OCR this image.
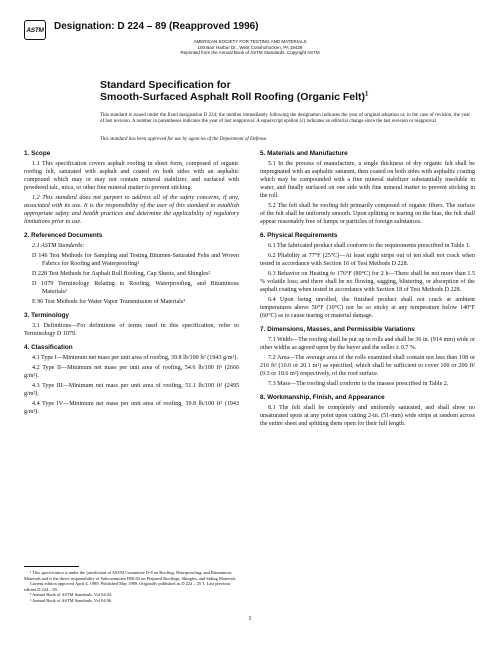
ASTM Designation: D 224 – 89 (Reapproved 1996)
AMERICAN SOCIETY FOR TESTING AND MATERIALS
100 Barr Harbor Dr., West Conshohocken, PA 19428
Reprinted from the Annual Book of ASTM Standards. Copyright ASTM
Standard Specification for
Smooth-Surfaced Asphalt Roll Roofing (Organic Felt)$^1$
This standard is issued under the fixed designation D 224; the number immediately following the designation indicates the year of original adoption or, in the case of revision, the year of last revision. A number in parentheses indicates the year of last reapproval. A superscript epsilon (ε) indicates an editorial change since the last revision or reapproval.
This standard has been approved for use by agencies of the Department of Defense.
1. Scope

1.1 This specification covers asphalt roofing in sheet form, composed of organic roofing felt, saturated with asphalt and coated on both sides with an asphaltic compound which may or may not contain mineral stabilizer, and surfaced with powdered talc, mica, or other fine mineral matter to prevent sticking.

1.2 This standard does not purport to address all of the safety concerns, if any, associated with its use. It is the responsibility of the user of this standard to establish appropriate safety and health practices and determine the applicability of regulatory limitations prior to use.

2. Referenced Documents

2.1 ASTM Standards:

D 146 Test Methods for Sampling and Testing Bitumen-Saturated Felts and Woven Fabrics for Roofing and Waterproofing²

D 228 Test Methods for Asphalt Roll Roofing, Cap Sheets, and Shingles²

D 1079 Terminology Relating to Roofing, Waterproofing, and Bituminous Materials²

E 96 Test Methods for Water Vapor Transmission of Materials³

3. Terminology

3.1 Definitions—For definitions of terms used in this specification, refer to Terminology D 1079.

4. Classification

4.1 Type I—Minimum net mass per unit area of roofing, 39.8 lb/100 ft² (1943 g/m²).

4.2 Type II—Minimum net mass per unit area of roofing, 54.6 lb/100 ft² (2666 g/m²).

4.3 Type III—Minimum net mass per unit area of roofing, 51.1 lb/100 ft² (2495 g/m²).

4.4 Type IV—Minimum net mass per unit area of roofing, 39.8 lb/100 ft² (1943 g/m²).

5. Materials and Manufacture

5.1 In the process of manufacture, a single thickness of dry organic felt shall be impregnated with an asphaltic saturant, then coated on both sides with asphaltic coating which may be compounded with a fine mineral stabilizer substantially insoluble in water, and finally surfaced on one side with fine mineral matter to prevent sticking in the roll.

5.2 The felt shall be roofing felt primarily composed of organic fibers. The surface of the felt shall be uniformly smooth. Upon splitting or tearing on the bias, the felt shall appear reasonably free of lumps or particles of foreign substances.

6. Physical Requirements

6.1 The fabricated product shall conform to the requirements prescribed in Table 1.

6.2 Pliability at 77°F (25°C)—At least eight strips out of ten shall not crack when tested in accordance with Section 16 of Test Methods D 228.

6.3 Behavior on Heating to 176°F (80°C) for 2 h—There shall be not more than 1.5 % volatile loss; and there shall be no flowing, sagging, blistering, or absorption of the asphalt coating when tested in accordance with Section 18 of Test Methods D 228.

6.4 Upon being unrolled, the finished product shall not crack at ambient temperatures above 50°F (10°C) nor be so sticky at any temperature below 140°F (60°C) as to cause tearing or material damage.

7. Dimensions, Masses, and Permissible Variations

7.1 Width—The roofing shall be put up in rolls and shall be 36 in. (914 mm) wide or other widths as agreed upon by the buyer and the seller ± 0.7 %.

7.2 Area—The average area of the rolls examined shall contain not less than 108 or 216 ft² (10.0 or 20.1 m²) as specified, which shall be sufficient to cover 100 or 200 ft² (9.3 or 18.6 m²) respectively, of the roof surface.

7.3 Mass—The roofing shall conform to the masses prescribed in Table 2.

8. Workmanship, Finish, and Appearance

8.1 The felt shall be completely and uniformly saturated, and shall show no unsaturated spots at any point upon cutting 2-in. (51-mm) wide strips at random across the entire sheet and splitting them open for their full length.

¹ This specification is under the jurisdiction of ASTM Committee D-8 on Roofing, Waterproofing, and Bituminous Materials and is the direct responsibility of Subcommittee D08.02 on Prepared Roofings, Shingles, and Siding Materials.

Current edition approved April 4, 1989. Published May 1989. Originally published as D 224 – 25 T. Last previous edition D 224 – 85.

² Annual Book of ASTM Standards, Vol 04.04.

³ Annual Book of ASTM Standards, Vol 04.06.

1
